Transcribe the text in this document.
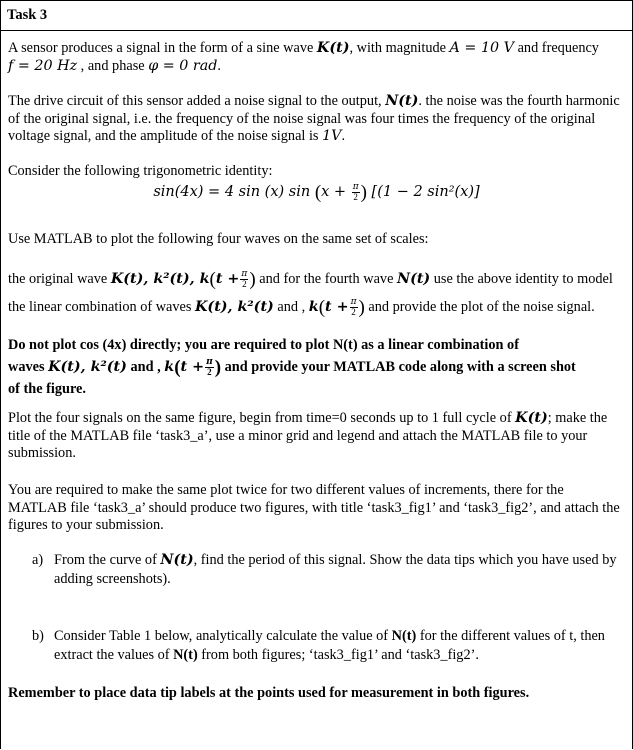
Task 3
A sensor produces a signal in the form of a sine wave K(t), with magnitude A = 10 V and frequency
f = 20 Hz , and phase φ = 0 rad.
The drive circuit of this sensor added a noise signal to the output, N(t). the noise was the fourth harmonic of the original signal, i.e. the frequency of the noise signal was four times the frequency of the original voltage signal, and the amplitude of the noise signal is 1V.
Consider the following trigonometric identity:
sin(4x) = 4 sin (x) $\sin (x + \frac{\pi}{2}$ ) [(1 − 2 sin²(x)]
Use MATLAB to plot the following four waves on the same set of scales:
the original wave K(t), k²(t), $k(t + \frac{\pi}{2}$ ) and for the fourth wave N(t) use the above identity to model
the linear combination of waves K(t), k²(t) and , $k(t + \frac{\pi}{2}$ ) and provide the plot of the noise signal.
Do not plot cos (4x) directly; you are required to plot N(t) as a linear combination of
waves K(t), k²(t) and , $k(t + \frac{\pi}{2}$ ) and provide your MATLAB code along with a screen shot
of the figure.
Plot the four signals on the same figure, begin from time=0 seconds up to 1 full cycle of K(t); make the title of the MATLAB file ‘task3_a’, use a minor grid and legend and attach the MATLAB file to your submission.
You are required to make the same plot twice for two different values of increments, there for the MATLAB file ‘task3_a’ should produce two figures, with title ‘task3_fig1’ and ‘task3_fig2’, and attach the figures to your submission.
a) From the curve of N(t), find the period of this signal. Show the data tips which you have used by adding screenshots).
b) Consider Table 1 below, analytically calculate the value of N(t) for the different values of t, then extract the values of N(t) from both figures; ‘task3_fig1’ and ‘task3_fig2’.
Remember to place data tip labels at the points used for measurement in both figures.
